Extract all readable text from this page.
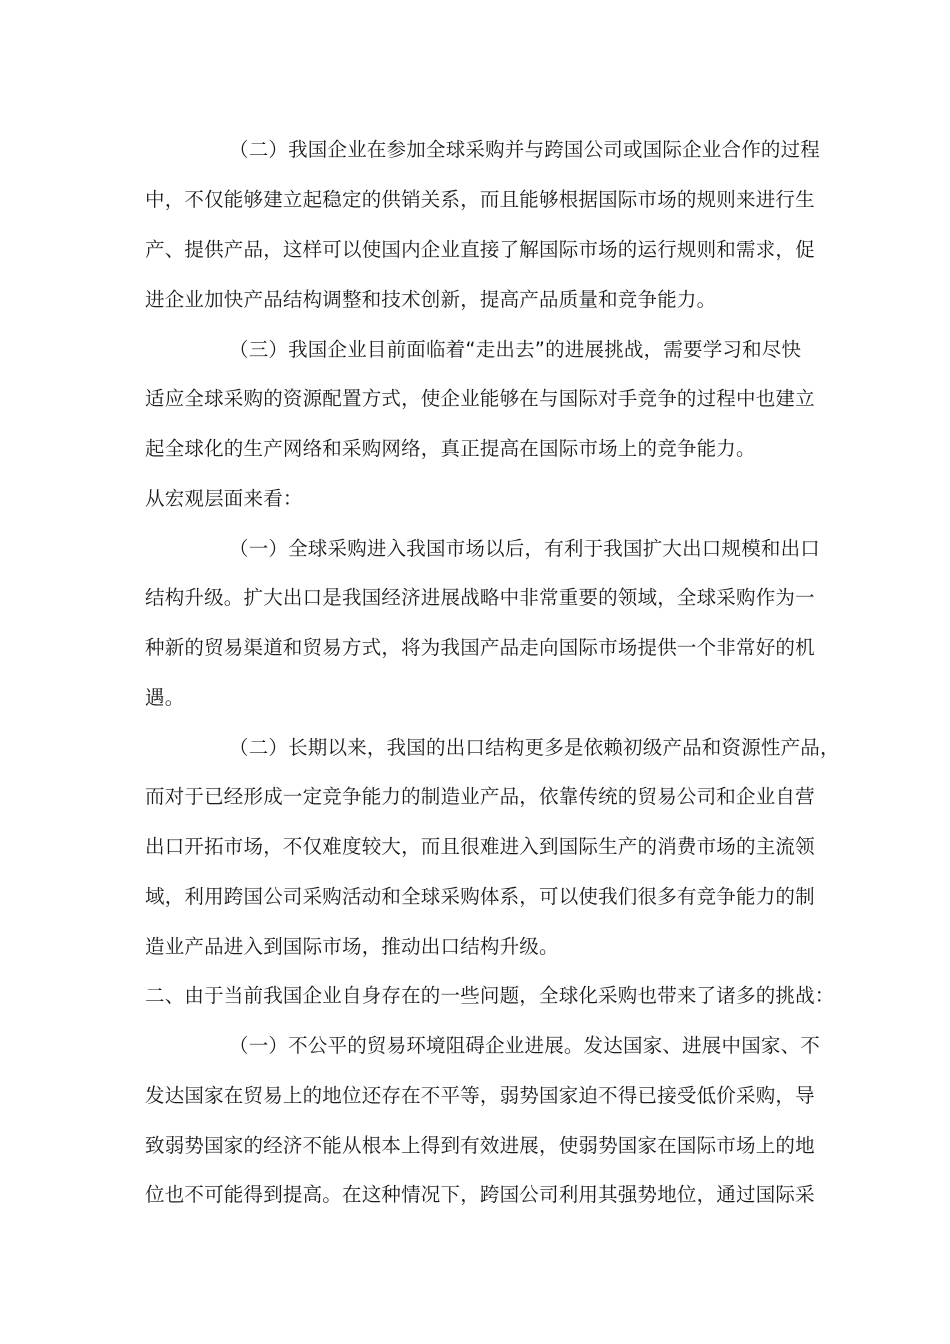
（二）我国企业在参加全球采购并与跨国公司或国际企业合作的过程
中，不仅能够建立起稳定的供销关系，而且能够根据国际市场的规则来进行生
产、提供产品，这样可以使国内企业直接了解国际市场的运行规则和需求，促
进企业加快产品结构调整和技术创新，提高产品质量和竞争能力。
（三）我国企业目前面临着“走出去”的进展挑战，需要学习和尽快
适应全球采购的资源配置方式，使企业能够在与国际对手竞争的过程中也建立
起全球化的生产网络和采购网络，真正提高在国际市场上的竞争能力。
从宏观层面来看：
（一）全球采购进入我国市场以后，有利于我国扩大出口规模和出口
结构升级。扩大出口是我国经济进展战略中非常重要的领域，全球采购作为一
种新的贸易渠道和贸易方式，将为我国产品走向国际市场提供一个非常好的机
遇。
（二）长期以来，我国的出口结构更多是依赖初级产品和资源性产品，
而对于已经形成一定竞争能力的制造业产品，依靠传统的贸易公司和企业自营
出口开拓市场，不仅难度较大，而且很难进入到国际生产的消费市场的主流领
域，利用跨国公司采购活动和全球采购体系，可以使我们很多有竞争能力的制
造业产品进入到国际市场，推动出口结构升级。
二、由于当前我国企业自身存在的一些问题，全球化采购也带来了诸多的挑战：
（一）不公平的贸易环境阻碍企业进展。发达国家、进展中国家、不
发达国家在贸易上的地位还存在不平等，弱势国家迫不得已接受低价采购，导
致弱势国家的经济不能从根本上得到有效进展，使弱势国家在国际市场上的地
位也不可能得到提高。在这种情况下，跨国公司利用其强势地位，通过国际采
